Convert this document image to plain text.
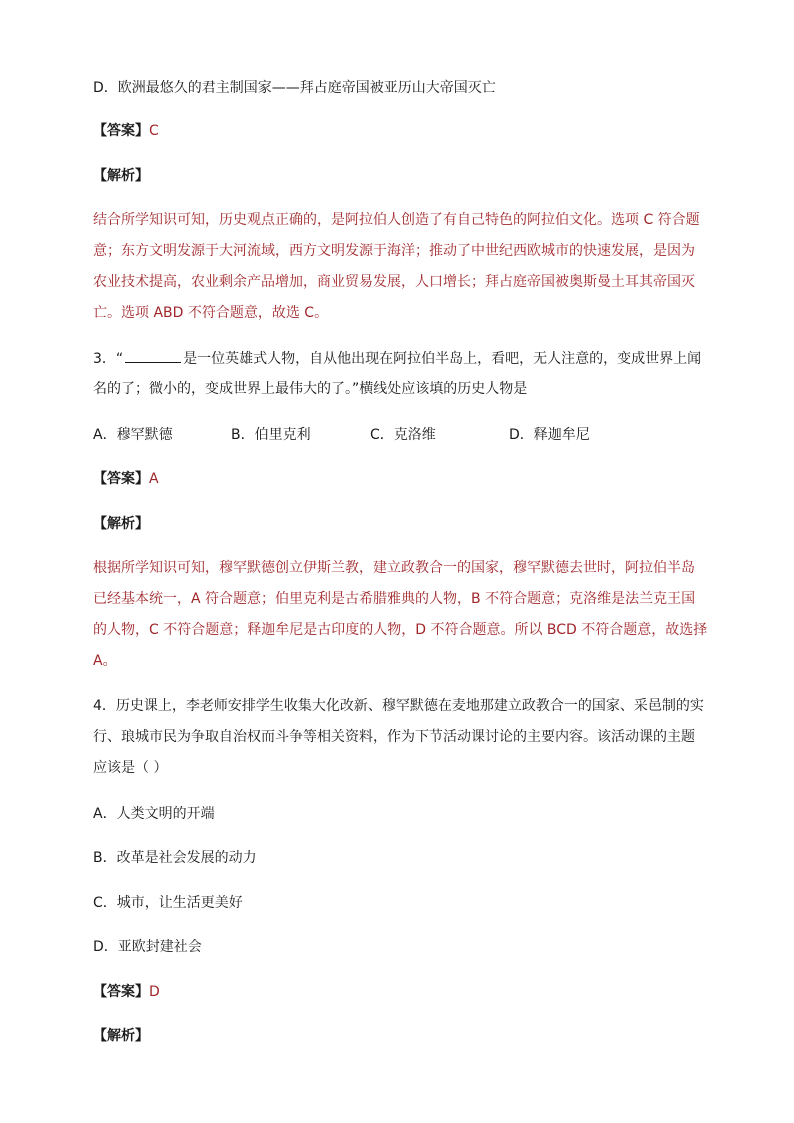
D．欧洲最悠久的君主制国家——拜占庭帝国被亚历山大帝国灭亡
【答案】C
【解析】
结合所学知识可知，历史观点正确的，是阿拉伯人创造了有自己特色的阿拉伯文化。选项 C 符合题
意；东方文明发源于大河流域，西方文明发源于海洋；推动了中世纪西欧城市的快速发展，是因为
农业技术提高，农业剩余产品增加，商业贸易发展，人口增长；拜占庭帝国被奥斯曼土耳其帝国灭
亡。选项 ABD 不符合题意，故选 C。
3．“	是一位英雄式人物，自从他出现在阿拉伯半岛上，看吧，无人注意的，变成世界上闻
名的了；微小的，变成世界上最伟大的了。”横线处应该填的历史人物是
A．穆罕默德	B．伯里克利	C．克洛维	D．释迦牟尼
【答案】A
【解析】
根据所学知识可知，穆罕默德创立伊斯兰教，建立政教合一的国家，穆罕默德去世时，阿拉伯半岛
已经基本统一，A 符合题意；伯里克利是古希腊雅典的人物，B 不符合题意；克洛维是法兰克王国
的人物，C 不符合题意；释迦牟尼是古印度的人物，D 不符合题意。所以 BCD 不符合题意，故选择
A。
4．历史课上，李老师安排学生收集大化改新、穆罕默德在麦地那建立政教合一的国家、采邑制的实
行、琅城市民为争取自治权而斗争等相关资料，作为下节活动课讨论的主要内容。该活动课的主题
应该是（ ）
A．人类文明的开端
B．改革是社会发展的动力
C．城市，让生活更美好
D．亚欧封建社会
【答案】D
【解析】
